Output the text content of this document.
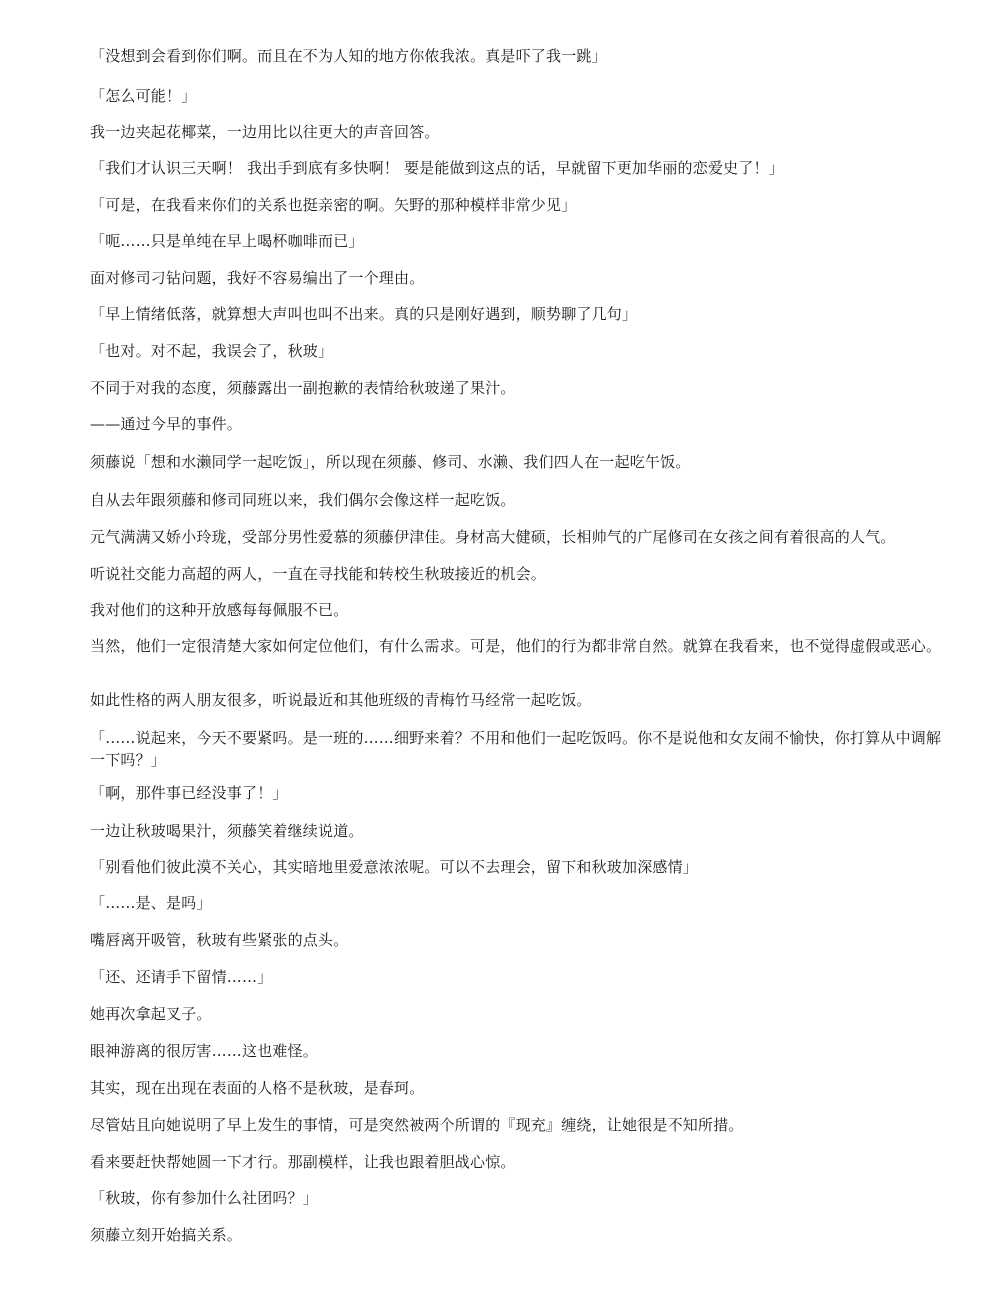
「没想到会看到你们啊。而且在不为人知的地方你侬我浓。真是吓了我一跳」

「怎么可能！」

我一边夹起花椰菜，一边用比以往更大的声音回答。

「我们才认识三天啊！ 我出手到底有多快啊！ 要是能做到这点的话，早就留下更加华丽的恋爱史了！」

「可是，在我看来你们的关系也挺亲密的啊。矢野的那种模样非常少见」

「呃……只是单纯在早上喝杯咖啡而已」

面对修司刁钻问题，我好不容易编出了一个理由。

「早上情绪低落，就算想大声叫也叫不出来。真的只是刚好遇到，顺势聊了几句」

「也对。对不起，我误会了，秋玻」

不同于对我的态度，须藤露出一副抱歉的表情给秋玻递了果汁。

——通过今早的事件。

须藤说「想和水濑同学一起吃饭」，所以现在须藤、修司、水濑、我们四人在一起吃午饭。

自从去年跟须藤和修司同班以来，我们偶尔会像这样一起吃饭。

元气满满又娇小玲珑，受部分男性爱慕的须藤伊津佳。身材高大健硕，长相帅气的广尾修司在女孩之间有着很高的人气。

听说社交能力高超的两人，一直在寻找能和转校生秋玻接近的机会。

我对他们的这种开放感每每佩服不已。

当然，他们一定很清楚大家如何定位他们，有什么需求。可是，他们的行为都非常自然。就算在我看来，也不觉得虚假或恶心。

如此性格的两人朋友很多，听说最近和其他班级的青梅竹马经常一起吃饭。

「……说起来，今天不要紧吗。是一班的……细野来着？不用和他们一起吃饭吗。你不是说他和女友闹不愉快，你打算从中调解一下吗？」

「啊，那件事已经没事了！」

一边让秋玻喝果汁，须藤笑着继续说道。

「别看他们彼此漠不关心，其实暗地里爱意浓浓呢。可以不去理会，留下和秋玻加深感情」

「……是、是吗」

嘴唇离开吸管，秋玻有些紧张的点头。

「还、还请手下留情……」

她再次拿起叉子。

眼神游离的很厉害……这也难怪。

其实，现在出现在表面的人格不是秋玻，是春珂。

尽管姑且向她说明了早上发生的事情，可是突然被两个所谓的『现充』缠绕，让她很是不知所措。

看来要赶快帮她圆一下才行。那副模样，让我也跟着胆战心惊。

「秋玻，你有参加什么社团吗？」

须藤立刻开始搞关系。
